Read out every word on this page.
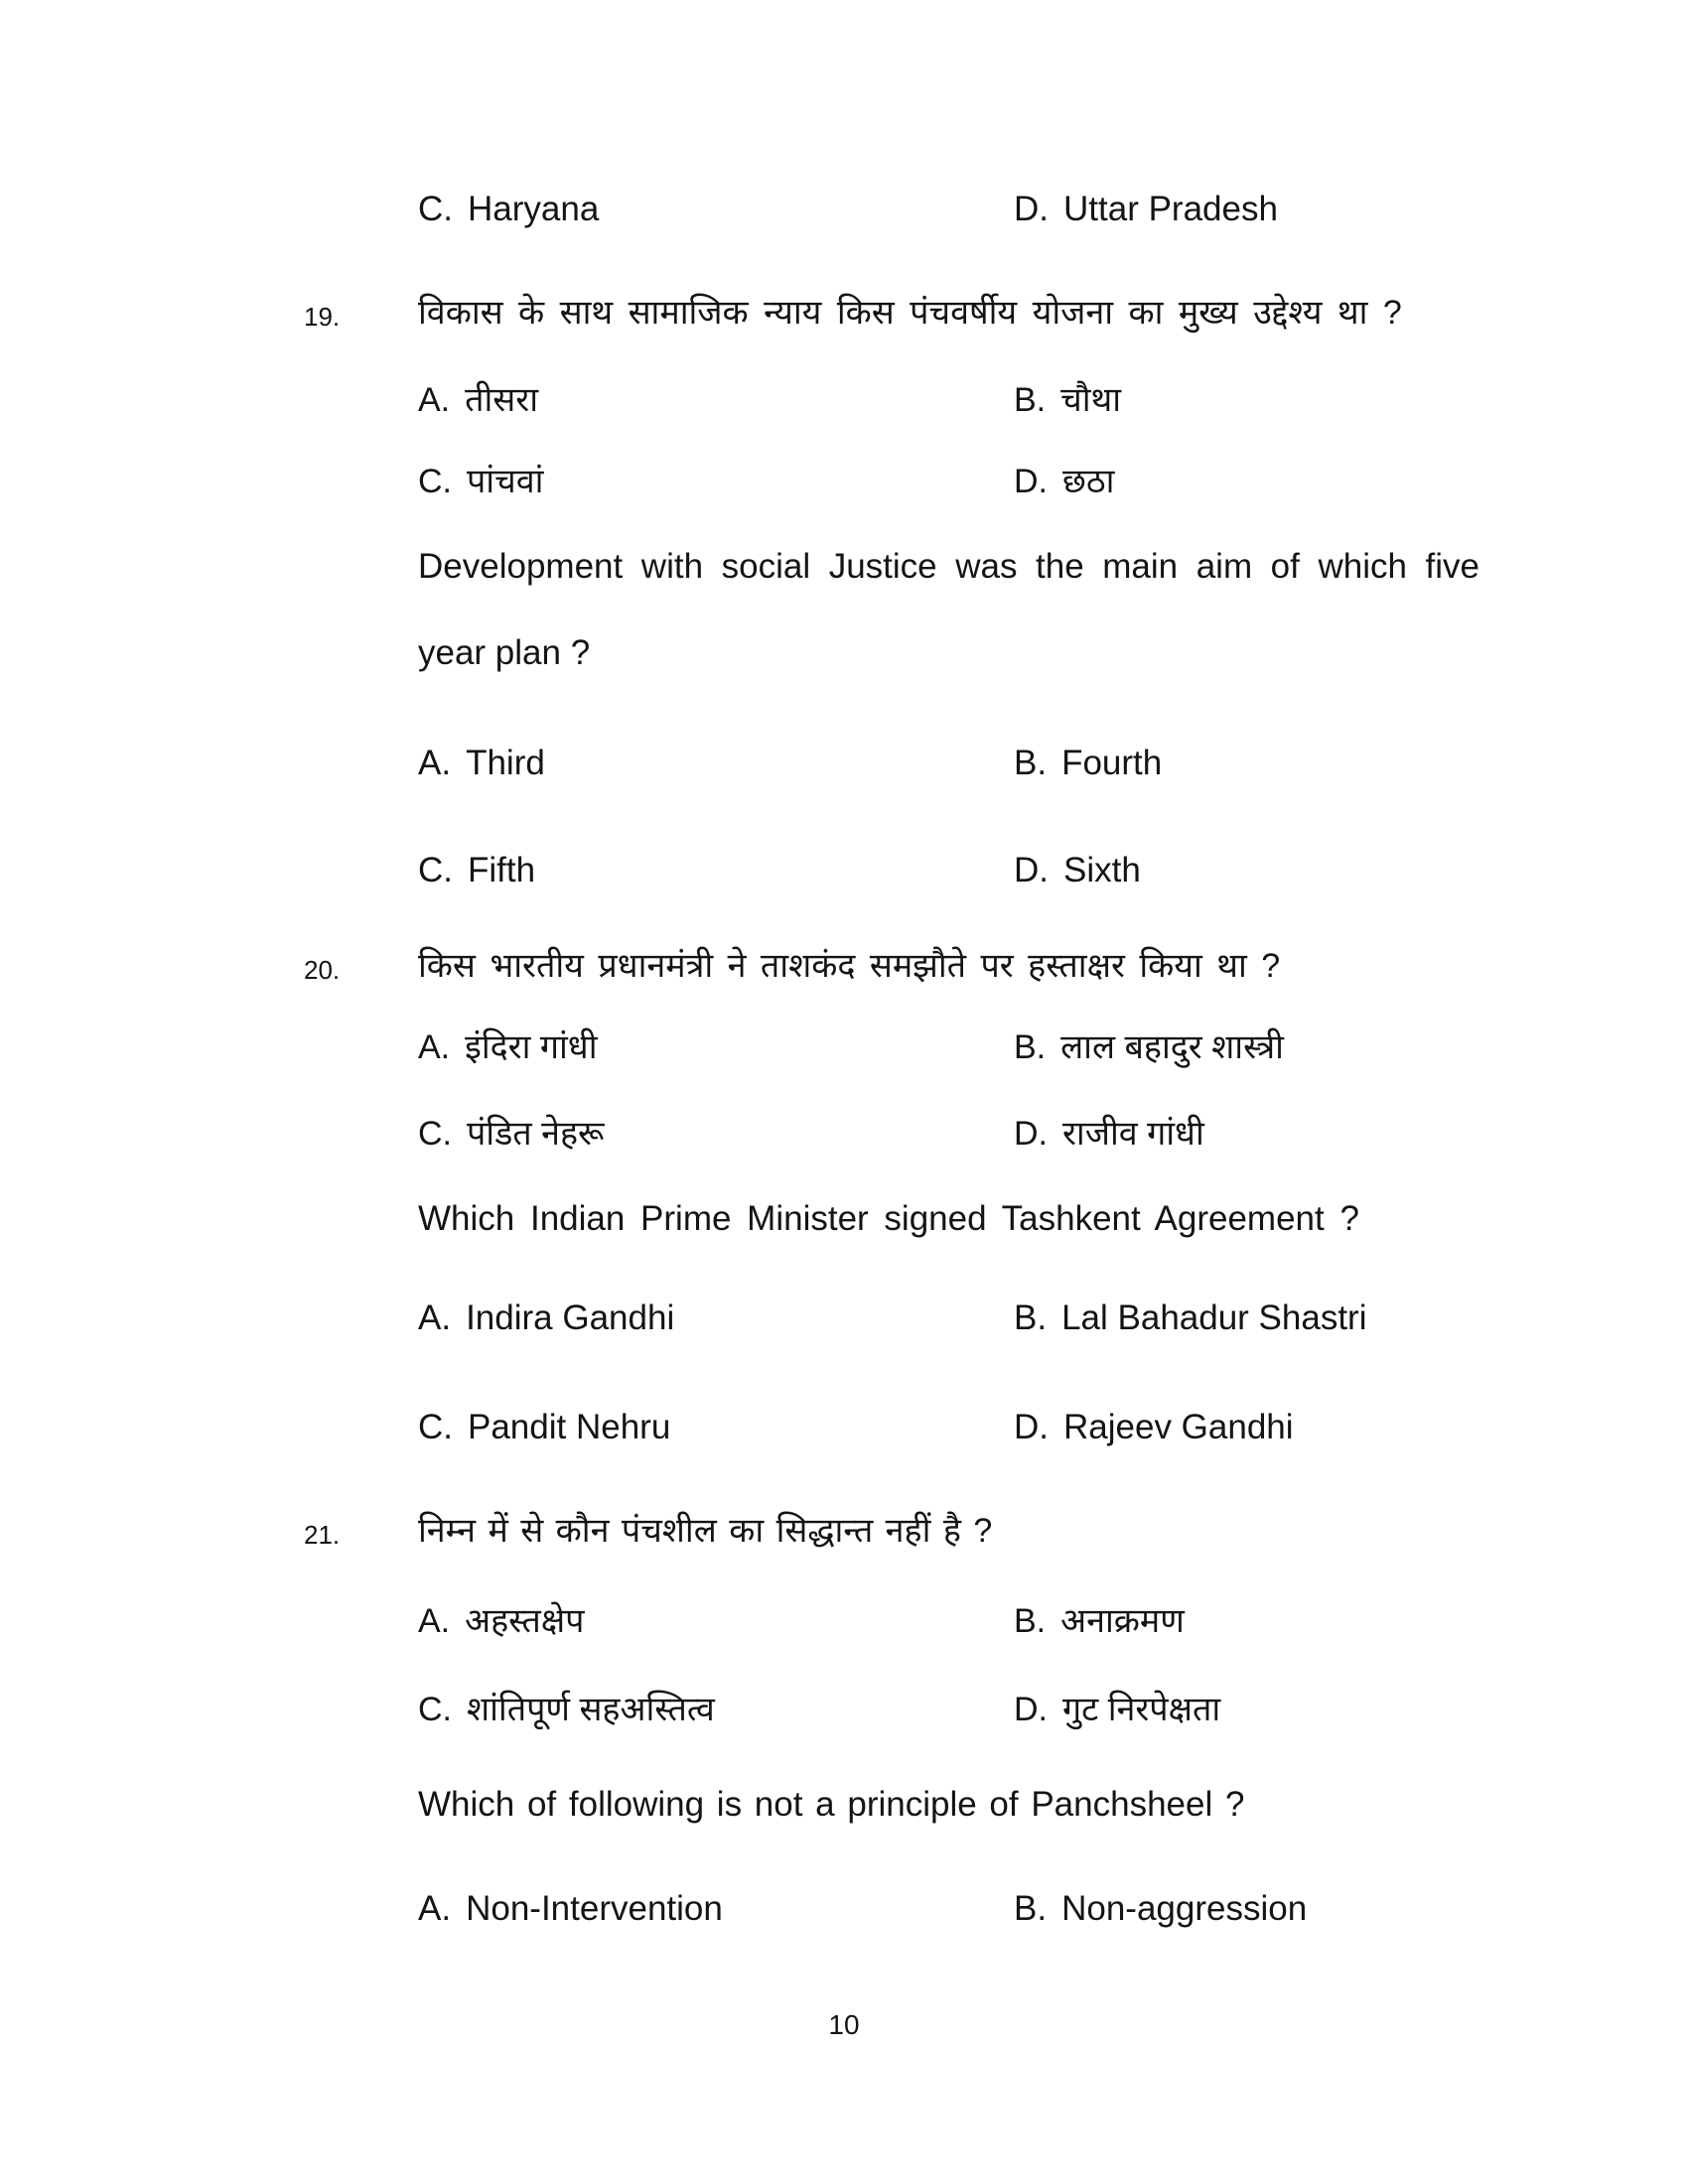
C. Haryana	D. Uttar Pradesh
19. विकास के साथ सामाजिक न्याय किस पंचवर्षीय योजना का मुख्य उद्देश्य था ?
A. तीसरा	B. चौथा
C. पांचवां	D. छठा
Development with social Justice was the main aim of which five
year plan ?
A. Third	B. Fourth
C. Fifth	D. Sixth
20. किस भारतीय प्रधानमंत्री ने ताशकंद समझौते पर हस्ताक्षर किया था ?
A. इंदिरा गांधी	B. लाल बहादुर शास्त्री
C. पंडित नेहरू	D. राजीव गांधी
Which Indian Prime Minister signed Tashkent Agreement ?
A. Indira Gandhi	B. Lal Bahadur Shastri
C. Pandit Nehru	D. Rajeev Gandhi
21. निम्न में से कौन पंचशील का सिद्धान्त नहीं है ?
A. अहस्तक्षेप	B. अनाक्रमण
C. शांतिपूर्ण सहअस्तित्व	D. गुट निरपेक्षता
Which of following is not a principle of Panchsheel ?
A. Non-Intervention	B. Non-aggression
10
